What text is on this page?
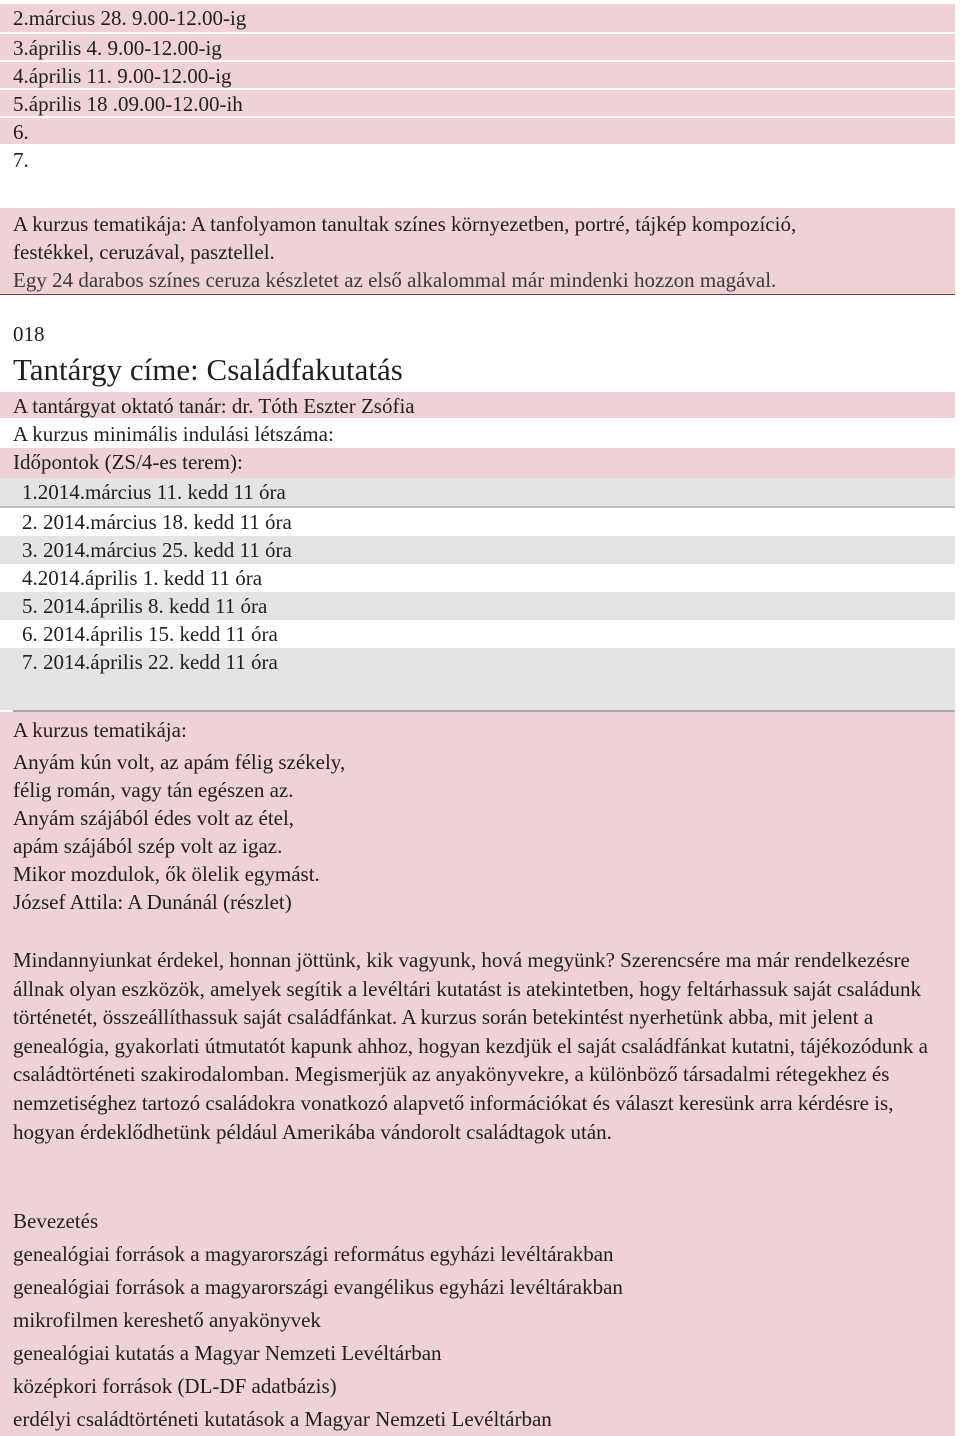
2.március 28. 9.00-12.00-ig
3.április 4. 9.00-12.00-ig
4.április 11. 9.00-12.00-ig
5.április 18 .09.00-12.00-ih
6.
7.
A kurzus tematikája: A tanfolyamon tanultak színes környezetben, portré, tájkép kompozíció,
festékkel, ceruzával, pasztellel.
Egy 24 darabos színes ceruza készletet az első alkalommal már mindenki hozzon magával.
018
Tantárgy címe: Családfakutatás
A tantárgyat oktató tanár: dr. Tóth Eszter Zsófia
A kurzus minimális indulási létszáma:
Időpontok (ZS/4-es terem):
1.2014.március 11. kedd 11 óra
2. 2014.március 18. kedd 11 óra
3. 2014.március 25. kedd 11 óra
4.2014.április 1. kedd 11 óra
5. 2014.április 8. kedd 11 óra
6. 2014.április 15. kedd 11 óra
7. 2014.április 22. kedd 11 óra
A kurzus tematikája:
Anyám kún volt, az apám félig székely,
félig román, vagy tán egészen az.
Anyám szájából édes volt az étel,
apám szájából szép volt az igaz.
Mikor mozdulok, ők ölelik egymást.
József Attila: A Dunánál (részlet)
Mindannyiunkat érdekel, honnan jöttünk, kik vagyunk, hová megyünk? Szerencsére ma már rendelkezésre állnak olyan eszközök, amelyek segítik a levéltári kutatást is atekintetben, hogy feltárhassuk saját családunk történetét, összeállíthassuk saját családfánkat. A kurzus során betekintést nyerhetünk abba, mit jelent a genealógia, gyakorlati útmutatót kapunk ahhoz, hogyan kezdjük el saját családfánkat kutatni, tájékozódunk a családtörténeti szakirodalomban. Megismerjük az anyakönyvekre, a különböző társadalmi rétegekhez és nemzetiséghez tartozó családokra vonatkozó alapvető információkat és választ keresünk arra kérdésre is, hogyan érdeklődhetünk például Amerikába vándorolt családtagok után.
Bevezetés
genealógiai források a magyarországi református egyházi levéltárakban
genealógiai források a magyarországi evangélikus egyházi levéltárakban
mikrofilmen kereshető anyakönyvek
genealógiai kutatás a Magyar Nemzeti Levéltárban
középkori források (DL-DF adatbázis)
erdélyi családtörténeti kutatások a Magyar Nemzeti Levéltárban
